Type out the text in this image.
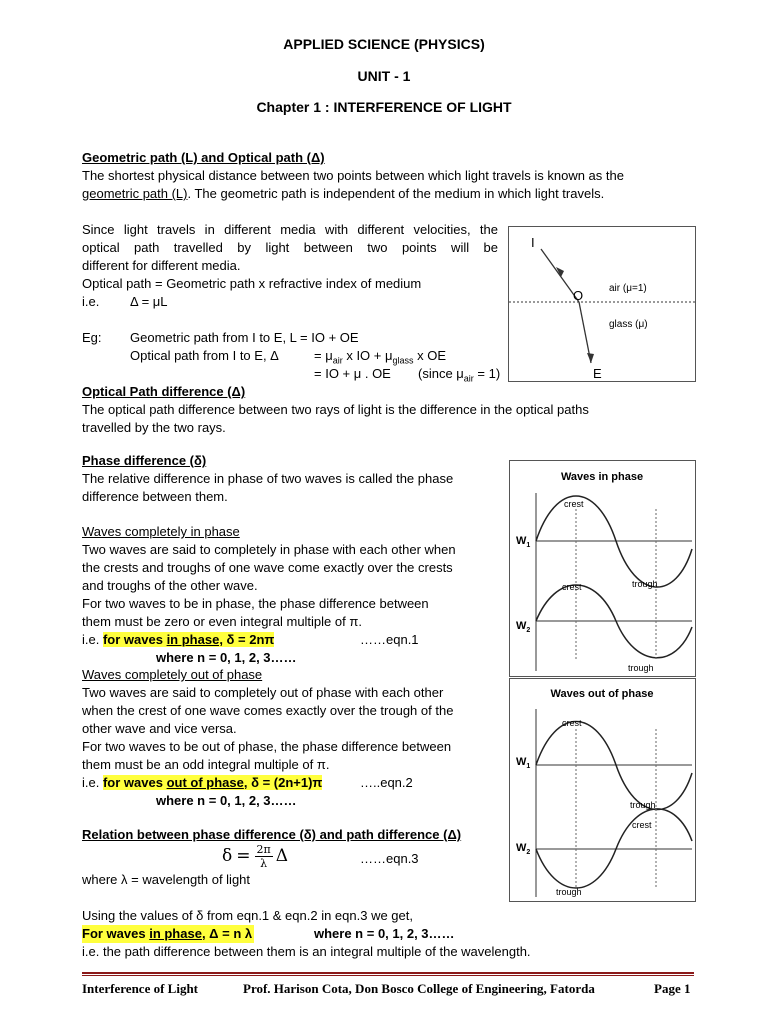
APPLIED SCIENCE (PHYSICS)
UNIT - 1
Chapter 1 : INTERFERENCE OF LIGHT
Geometric path (L) and Optical path (Δ)
The shortest physical distance between two points between which light travels is known as the
geometric path (L). The geometric path is independent of the medium in which light travels.
Since light travels in different media with different velocities, the
optical path travelled by light between two points will be
different for different media.
Optical path = Geometric path x refractive index of medium
i.e. Δ = μL
Eg: Geometric path from I to E, L = IO + OE
Optical path from I to E, Δ	= $\mu_{air}$ x IO + $\mu_{glass}$ x OE
= IO + μ . OE (since $\mu_{air} = 1$)
I
O
E
air (μ=1)
glass (μ)
Optical Path difference (Δ)
The optical path difference between two rays of light is the difference in the optical paths
travelled by the two rays.
Phase difference (δ)
The relative difference in phase of two waves is called the phase
difference between them.
Waves completely in phase
Two waves are said to completely in phase with each other when
the crests and troughs of one wave come exactly over the crests
and troughs of the other wave.
For two waves to be in phase, the phase difference between
them must be zero or even integral multiple of π.
i.e. for waves in phase, δ = 2nπ	……eqn.1
where n = 0, 1, 2, 3……
Waves completely out of phase
Two waves are said to completely out of phase with each other
when the crest of one wave comes exactly over the trough of the
other wave and vice versa.
For two waves to be out of phase, the phase difference between
them must be an odd integral multiple of π.
i.e. for waves out of phase, δ = (2n+1)π	…..eqn.2
where n = 0, 1, 2, 3……
Waves in phase
crest
crest	trough
trough
$W_1$
$W_2$
Waves out of phase
crest
crest
trough
trough
$W_1$
$W_2$
Relation between phase difference (δ) and path difference (Δ)
$\delta = \frac{2\pi}{\lambda}$ Δ	……eqn.3
where λ = wavelength of light
Using the values of δ from eqn.1 & eqn.2 in eqn.3 we get,
For waves in phase, Δ = n λ	where n = 0, 1, 2, 3……
i.e. the path difference between them is an integral multiple of the wavelength.
Interference of Light	Prof. Harison Cota, Don Bosco College of Engineering, Fatorda	Page 1
